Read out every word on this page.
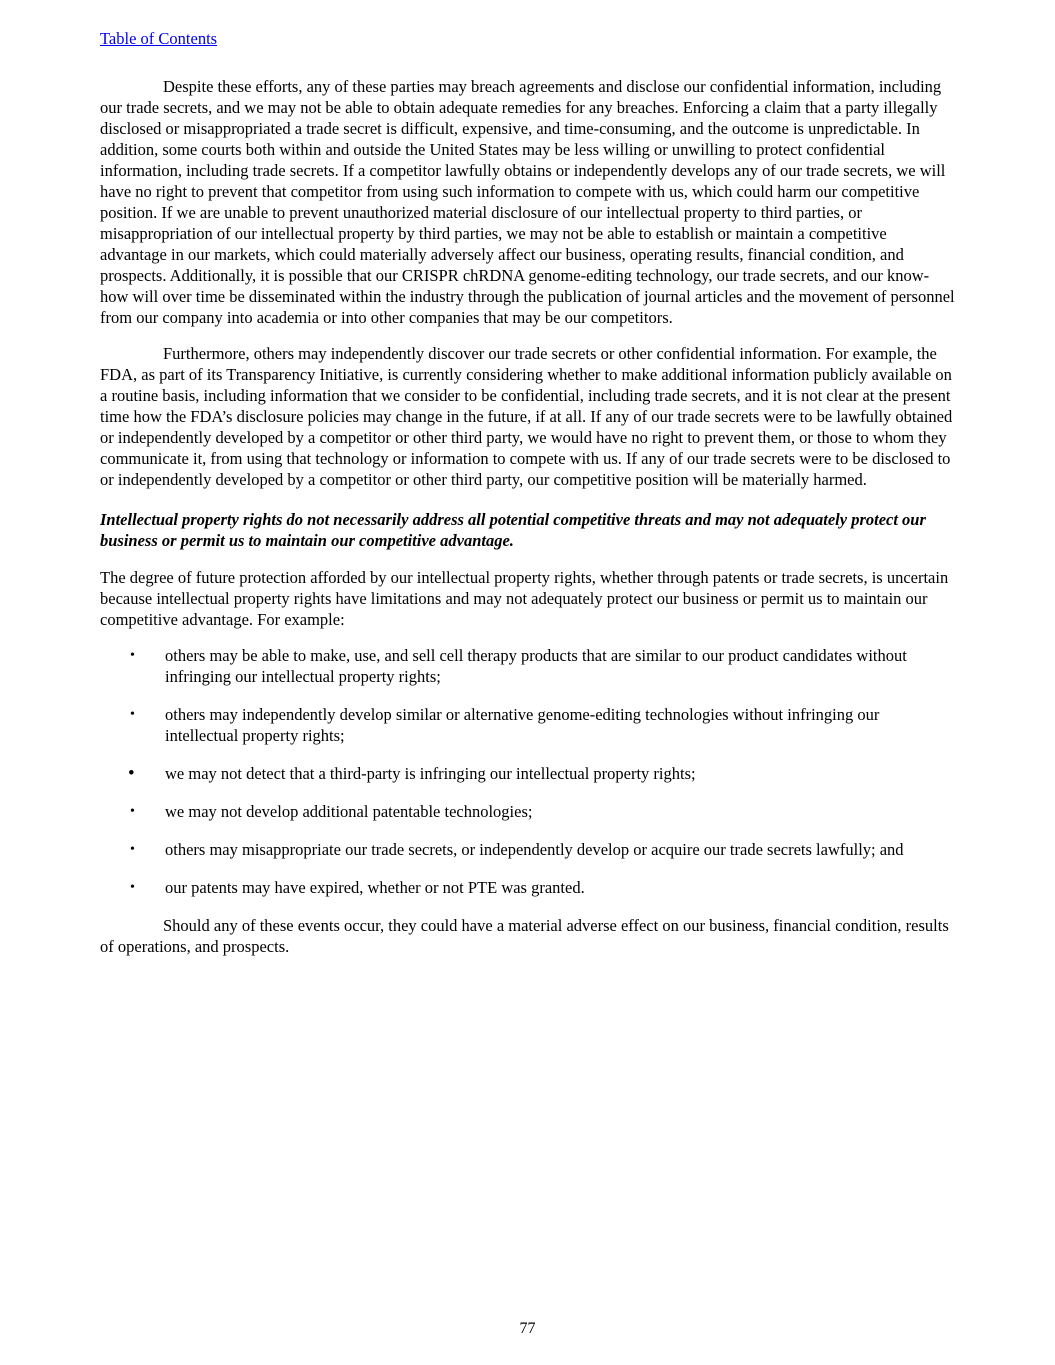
Table of Contents

Despite these efforts, any of these parties may breach agreements and disclose our confidential information, including our trade secrets, and we may not be able to obtain adequate remedies for any breaches. Enforcing a claim that a party illegally disclosed or misappropriated a trade secret is difficult, expensive, and time-consuming, and the outcome is unpredictable. In addition, some courts both within and outside the United States may be less willing or unwilling to protect confidential information, including trade secrets. If a competitor lawfully obtains or independently develops any of our trade secrets, we will have no right to prevent that competitor from using such information to compete with us, which could harm our competitive position. If we are unable to prevent unauthorized material disclosure of our intellectual property to third parties, or misappropriation of our intellectual property by third parties, we may not be able to establish or maintain a competitive advantage in our markets, which could materially adversely affect our business, operating results, financial condition, and prospects. Additionally, it is possible that our CRISPR chRDNA genome-editing technology, our trade secrets, and our know-how will over time be disseminated within the industry through the publication of journal articles and the movement of personnel from our company into academia or into other companies that may be our competitors.

Furthermore, others may independently discover our trade secrets or other confidential information. For example, the FDA, as part of its Transparency Initiative, is currently considering whether to make additional information publicly available on a routine basis, including information that we consider to be confidential, including trade secrets, and it is not clear at the present time how the FDA’s disclosure policies may change in the future, if at all. If any of our trade secrets were to be lawfully obtained or independently developed by a competitor or other third party, we would have no right to prevent them, or those to whom they communicate it, from using that technology or information to compete with us. If any of our trade secrets were to be disclosed to or independently developed by a competitor or other third party, our competitive position will be materially harmed.

Intellectual property rights do not necessarily address all potential competitive threats and may not adequately protect our business or permit us to maintain our competitive advantage.

The degree of future protection afforded by our intellectual property rights, whether through patents or trade secrets, is uncertain because intellectual property rights have limitations and may not adequately protect our business or permit us to maintain our competitive advantage. For example:

•	others may be able to make, use, and sell cell therapy products that are similar to our product candidates without infringing our intellectual property rights;
•	others may independently develop similar or alternative genome-editing technologies without infringing our intellectual property rights;
•	we may not detect that a third-party is infringing our intellectual property rights;
•	we may not develop additional patentable technologies;
•	others may misappropriate our trade secrets, or independently develop or acquire our trade secrets lawfully; and
•	our patents may have expired, whether or not PTE was granted.

Should any of these events occur, they could have a material adverse effect on our business, financial condition, results of operations, and prospects.

77
